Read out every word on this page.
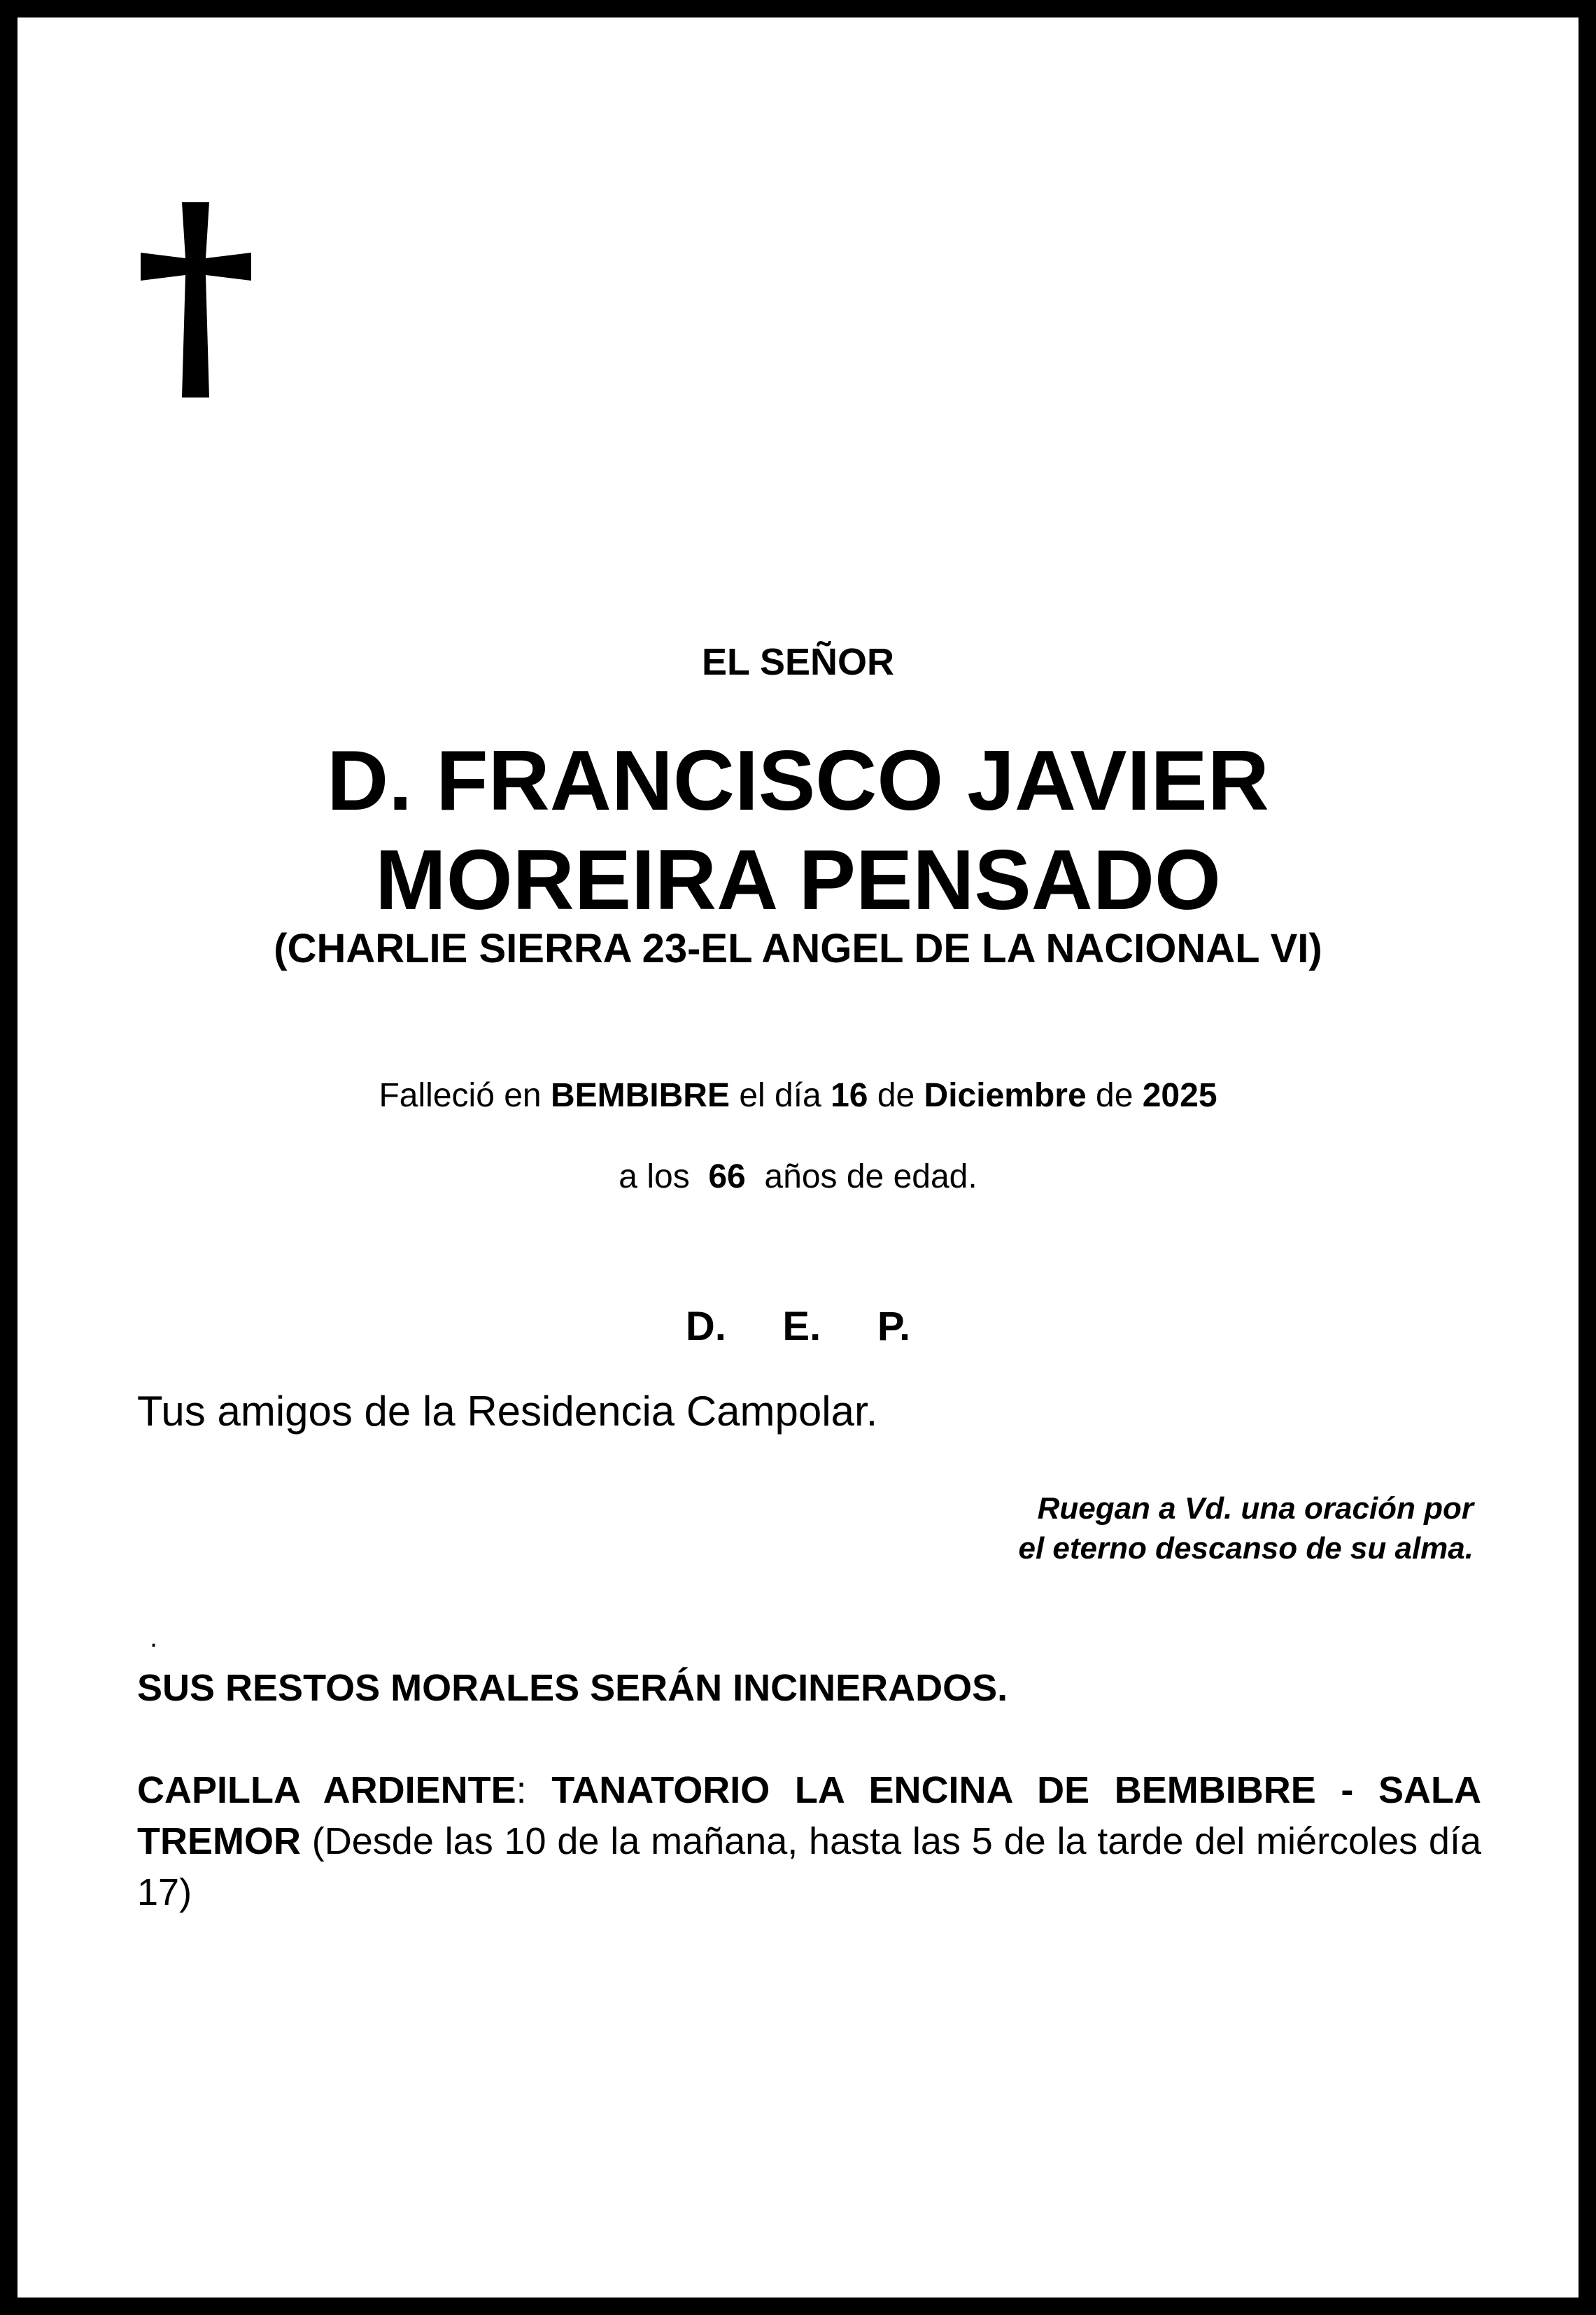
EL SEÑOR
D. FRANCISCO JAVIER
MOREIRA PENSADO
(CHARLIE SIERRA 23-EL ANGEL DE LA NACIONAL VI)
Falleció en BEMBIBRE el día 16 de Diciembre de 2025
a los 66 años de edad.
D. E. P.
Tus amigos de la Residencia Campolar.
Ruegan a Vd. una oración por
el eterno descanso de su alma.
.
SUS RESTOS MORALES SERÁN INCINERADOS.
CAPILLA ARDIENTE: TANATORIO LA ENCINA DE BEMBIBRE - SALA TREMOR (Desde las 10 de la mañana, hasta las 5 de la tarde del miércoles día 17)
